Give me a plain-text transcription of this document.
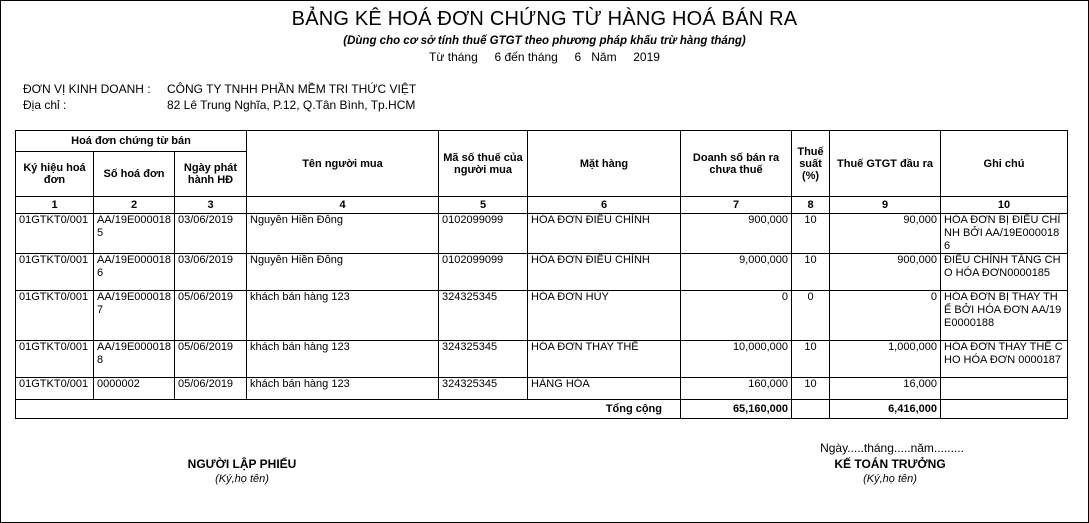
BẢNG KÊ HOÁ ĐƠN CHỨNG TỪ HÀNG HOÁ BÁN RA
(Dùng cho cơ sở tính thuế GTGT theo phương pháp khấu trừ hàng tháng)
Từ tháng 6 đến tháng 6 Năm 2019
ĐƠN VỊ KINH DOANH : CÔNG TY TNHH PHẦN MỀM TRI THỨC VIỆT
Địa chỉ :	82 Lê Trung Nghĩa, P.12, Q.Tân Bình, Tp.HCM
Hoá đơn chứng từ bán			Tên người mua	Mã số thuế của người mua	Mặt hàng	Doanh số bán ra chưa thuế	Thuế suất (%)	Thuế GTGT đầu ra	Ghi chú
Ký hiệu hoá đơn	Số hoá đơn	Ngày phát hành HĐ							
1	2	3	4	5	6	7	8	9	10
01GTKT0/001	AA/19E0000185	03/06/2019	Nguyễn Hiền Đông	0102099099	HÓA ĐƠN ĐIỀU CHỈNH	900,000	10	90,000	HÓA ĐƠN BỊ ĐIỀU CHỈNH BỞI AA/19E0000186
01GTKT0/001	AA/19E0000186	03/06/2019	Nguyễn Hiền Đông	0102099099	HÓA ĐƠN ĐIỀU CHỈNH	9,000,000	10	900,000	ĐIỀU CHỈNH TĂNG CHO HÓA ĐƠN0000185
01GTKT0/001	AA/19E0000187	05/06/2019	khách bán hàng 123	324325345	HÓA ĐƠN HỦY	0	0	0	HÓA ĐƠN BỊ THAY THẾ BỞI HÓA ĐƠN AA/19E0000188
01GTKT0/001	AA/19E0000188	05/06/2019	khách bán hàng 123	324325345	HÓA ĐƠN THAY THẾ	10,000,000	10	1,000,000	HÓA ĐƠN THAY THẾ CHO HÓA ĐƠN 0000187
01GTKT0/001	0000002	05/06/2019	khách bán hàng 123	324325345	HÀNG HÓA	160,000	10	16,000	
Tổng cộng						65,160,000		6,416,000	
Ngày.....tháng.....năm.........
NGƯỜI LẬP PHIẾU
(Ký,họ tên)
KẾ TOÁN TRƯỞNG
(Ký,họ tên)
